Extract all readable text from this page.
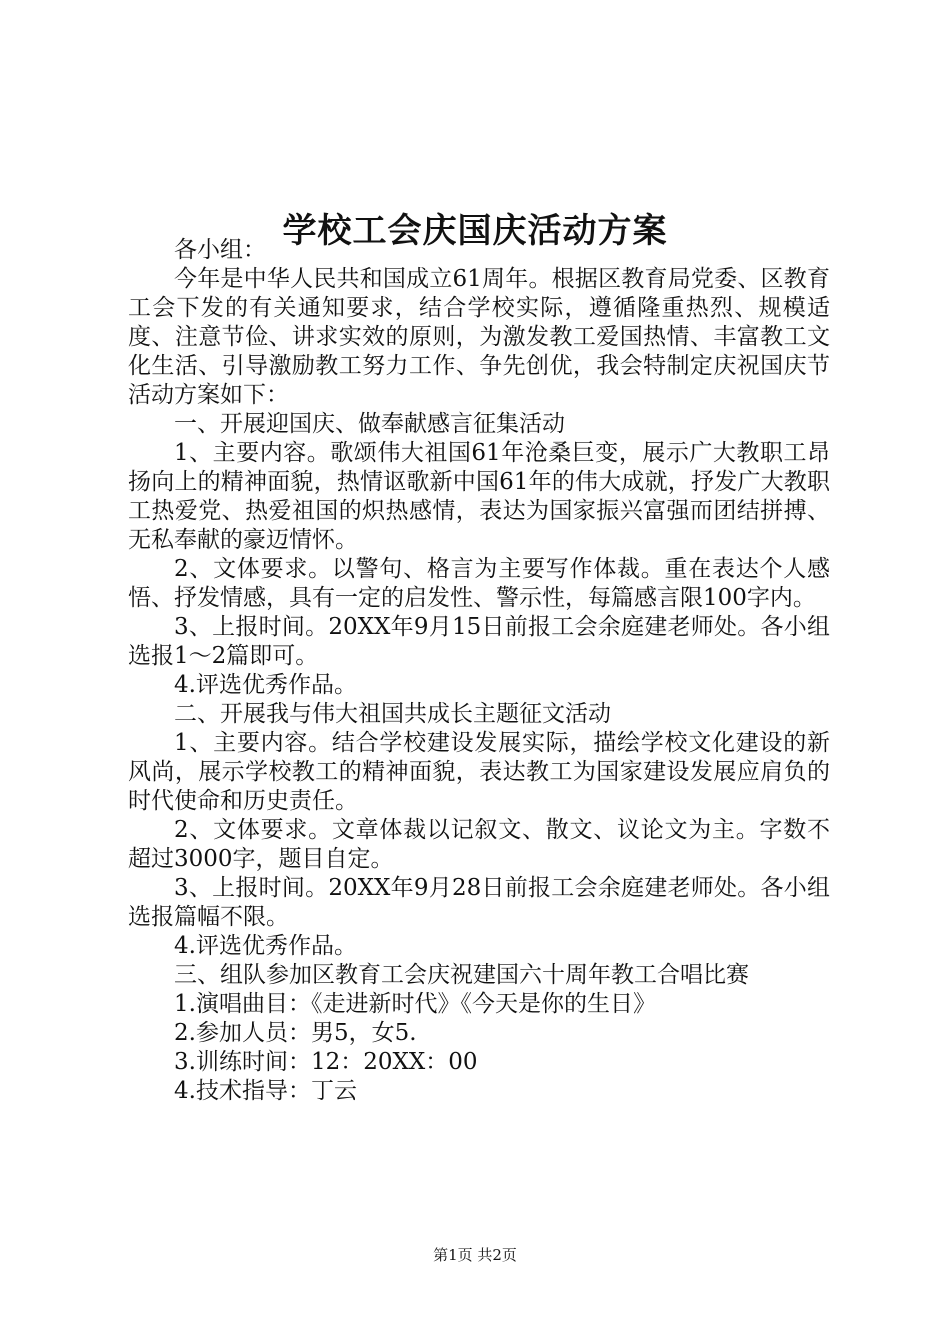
学校工会庆国庆活动方案

各小组：

今年是中华人民共和国成立61周年。根据区教育局党委、区教育工会下发的有关通知要求，结合学校实际，遵循隆重热烈、规模适度、注意节俭、讲求实效的原则，为激发教工爱国热情、丰富教工文化生活、引导激励教工努力工作、争先创优，我会特制定庆祝国庆节活动方案如下：

一、开展迎国庆、做奉献感言征集活动

1、主要内容。歌颂伟大祖国61年沧桑巨变，展示广大教职工昂扬向上的精神面貌，热情讴歌新中国61年的伟大成就，抒发广大教职工热爱党、热爱祖国的炽热感情，表达为国家振兴富强而团结拼搏、无私奉献的豪迈情怀。

2、文体要求。以警句、格言为主要写作体裁。重在表达个人感悟、抒发情感，具有一定的启发性、警示性，每篇感言限100字内。

3、上报时间。20XX年9月15日前报工会余庭建老师处。各小组选报1～2篇即可。

4.评选优秀作品。

二、开展我与伟大祖国共成长主题征文活动

1、主要内容。结合学校建设发展实际，描绘学校文化建设的新风尚，展示学校教工的精神面貌，表达教工为国家建设发展应肩负的时代使命和历史责任。

2、文体要求。文章体裁以记叙文、散文、议论文为主。字数不超过3000字，题目自定。

3、上报时间。20XX年9月28日前报工会余庭建老师处。各小组选报篇幅不限。

4.评选优秀作品。

三、组队参加区教育工会庆祝建国六十周年教工合唱比赛

1.演唱曲目：《走进新时代》《今天是你的生日》

2.参加人员：男5，女5.

3.训练时间：12：20XX：00

4.技术指导：丁云

第1页 共2页
